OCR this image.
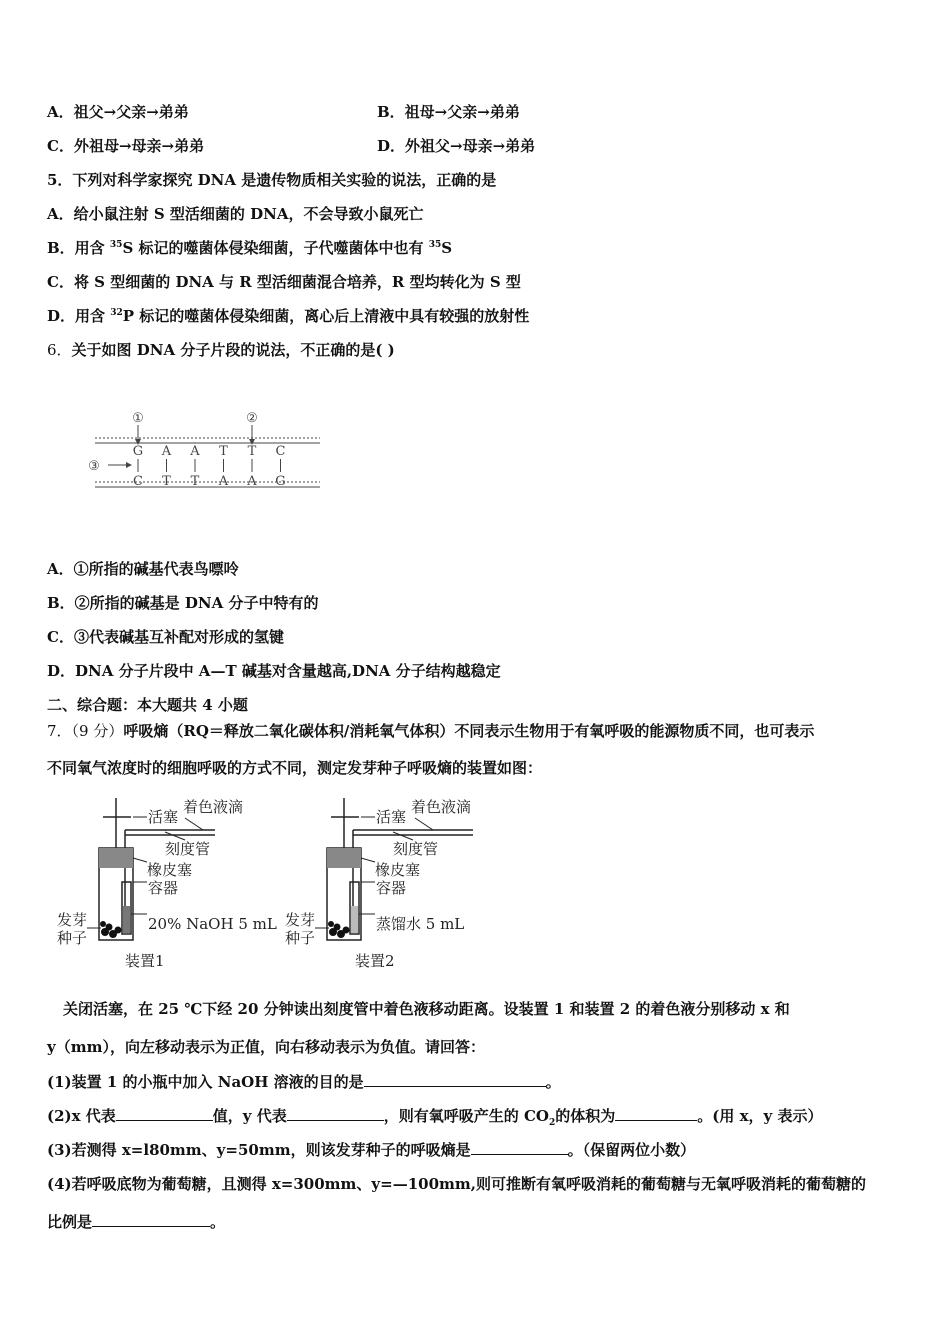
A．祖父→父亲→弟弟	B．祖母→父亲→弟弟
C．外祖母→母亲→弟弟	D．外祖父→母亲→弟弟
5．下列对科学家探究 DNA 是遗传物质相关实验的说法，正确的是
A．给小鼠注射 S 型活细菌的 DNA，不会导致小鼠死亡
B．用含 $^{35}$S 标记的噬菌体侵染细菌，子代噬菌体中也有 $^{35}$S
C．将 S 型细菌的 DNA 与 R 型活细菌混合培养，R 型均转化为 S 型
D．用含 $^{32}$P 标记的噬菌体侵染细菌，离心后上清液中具有较强的放射性
6．关于如图 DNA 分子片段的说法，不正确的是( )
①	②
③
G
C
A
T
A
T
T
A
T
A
C
G
A．①所指的碱基代表鸟嘌呤
B．②所指的碱基是 DNA 分子中特有的
C．③代表碱基互补配对形成的氢键
D．DNA 分子片段中 A—T 碱基对含量越高,DNA 分子结构越稳定
二、综合题：本大题共 4 小题
7．（9 分）呼吸熵（RQ＝释放二氧化碳体积/消耗氧气体积）不同表示生物用于有氧呼吸的能源物质不同，也可表示
不同氧气浓度时的细胞呼吸的方式不同，测定发芽种子呼吸熵的装置如图：
活塞
着色液滴
刻度管
橡皮塞
容器
20% NaOH 5 mL
发芽
种子
装置1
活塞
着色液滴
刻度管
橡皮塞
容器
蒸馏水 5 mL
发芽
种子
装置2
关闭活塞，在 25 ℃下经 20 分钟读出刻度管中着色液移动距离。设装置 1 和装置 2 的着色液分别移动 x 和
y（mm），向左移动表示为正值，向右移动表示为负值。请回答：
(1)装置 1 的小瓶中加入 NaOH 溶液的目的是	。
(2)x 代表	值，y 代表	，则有氧呼吸产生的 $CO_2$的体积为	。(用 x，y 表示）
(3)若测得 x=l80mm、y=50mm，则该发芽种子的呼吸熵是	。（保留两位小数）
(4)若呼吸底物为葡萄糖，且测得 x=300mm、y=—100mm,则可推断有氧呼吸消耗的葡萄糖与无氧呼吸消耗的葡萄糖的
比例是	。
